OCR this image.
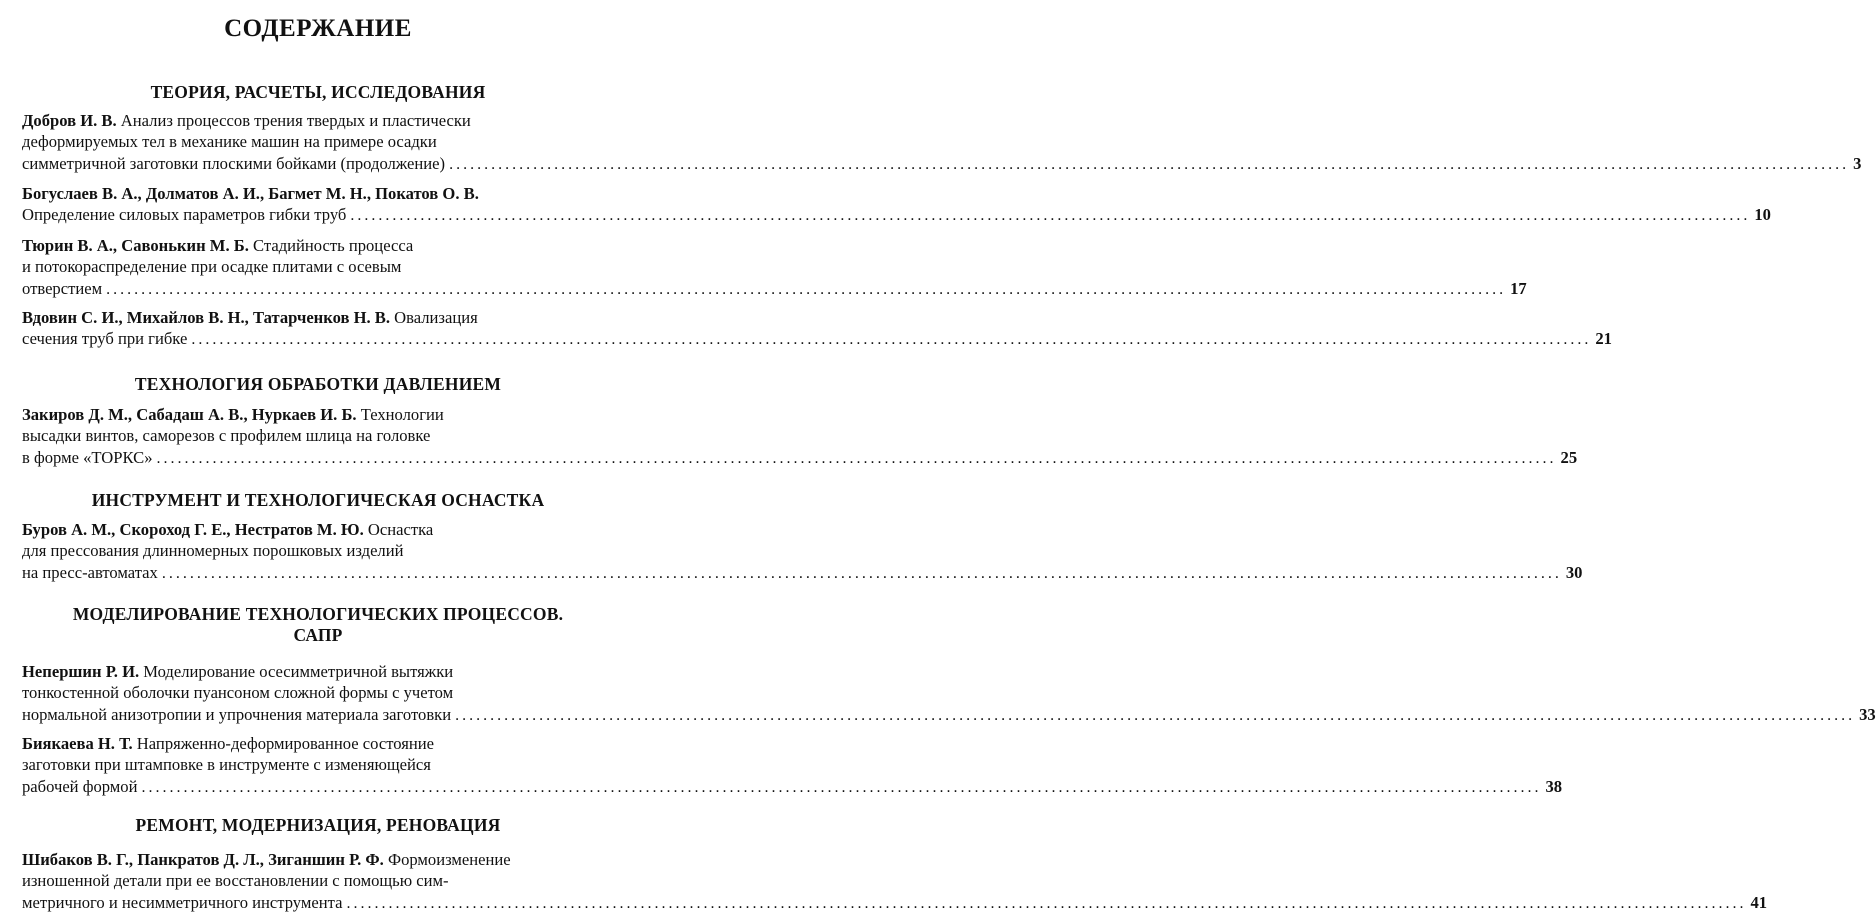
СОДЕРЖАНИЕ
ТЕОРИЯ, РАСЧЕТЫ, ИССЛЕДОВАНИЯ
Добров И. В. Анализ процессов трения твердых и пластически
деформируемых тел в механике машин на примере осадки
симметричной заготовки плоскими бойками (продолжение) ........................................................................................................................................................................................................ 3
Богуслаев В. А., Долматов А. И., Багмет М. Н., Покатов О. В.
Определение силовых параметров гибки труб ........................................................................................................................................................................................................ 10
Тюрин В. А., Савонькин М. Б. Стадийность процесса
и потокораспределение при осадке плитами с осевым
отверстием ........................................................................................................................................................................................................ 17
Вдовин С. И., Михайлов В. Н., Татарченков Н. В. Овализация
сечения труб при гибке ........................................................................................................................................................................................................ 21
ТЕХНОЛОГИЯ ОБРАБОТКИ ДАВЛЕНИЕМ
Закиров Д. М., Сабадаш А. В., Нуркаев И. Б. Технологии
высадки винтов, саморезов с профилем шлица на головке
в форме «ТОРКС» ........................................................................................................................................................................................................ 25
ИНСТРУМЕНТ И ТЕХНОЛОГИЧЕСКАЯ ОСНАСТКА
Буров А. М., Скороход Г. Е., Нестратов М. Ю. Оснастка
для прессования длинномерных порошковых изделий
на пресс-автоматах ........................................................................................................................................................................................................ 30
МОДЕЛИРОВАНИЕ ТЕХНОЛОГИЧЕСКИХ ПРОЦЕССОВ.
САПР
Непершин Р. И. Моделирование осесимметричной вытяжки
тонкостенной оболочки пуансоном сложной формы с учетом
нормальной анизотропии и упрочнения материала заготовки ........................................................................................................................................................................................................ 33
Биякаева Н. Т. Напряженно-деформированное состояние
заготовки при штамповке в инструменте с изменяющейся
рабочей формой ........................................................................................................................................................................................................ 38
РЕМОНТ, МОДЕРНИЗАЦИЯ, РЕНОВАЦИЯ
Шибаков В. Г., Панкратов Д. Л., Зиганшин Р. Ф. Формоизменение
изношенной детали при ее восстановлении с помощью сим-
метричного и несимметричного инструмента ........................................................................................................................................................................................................ 41
